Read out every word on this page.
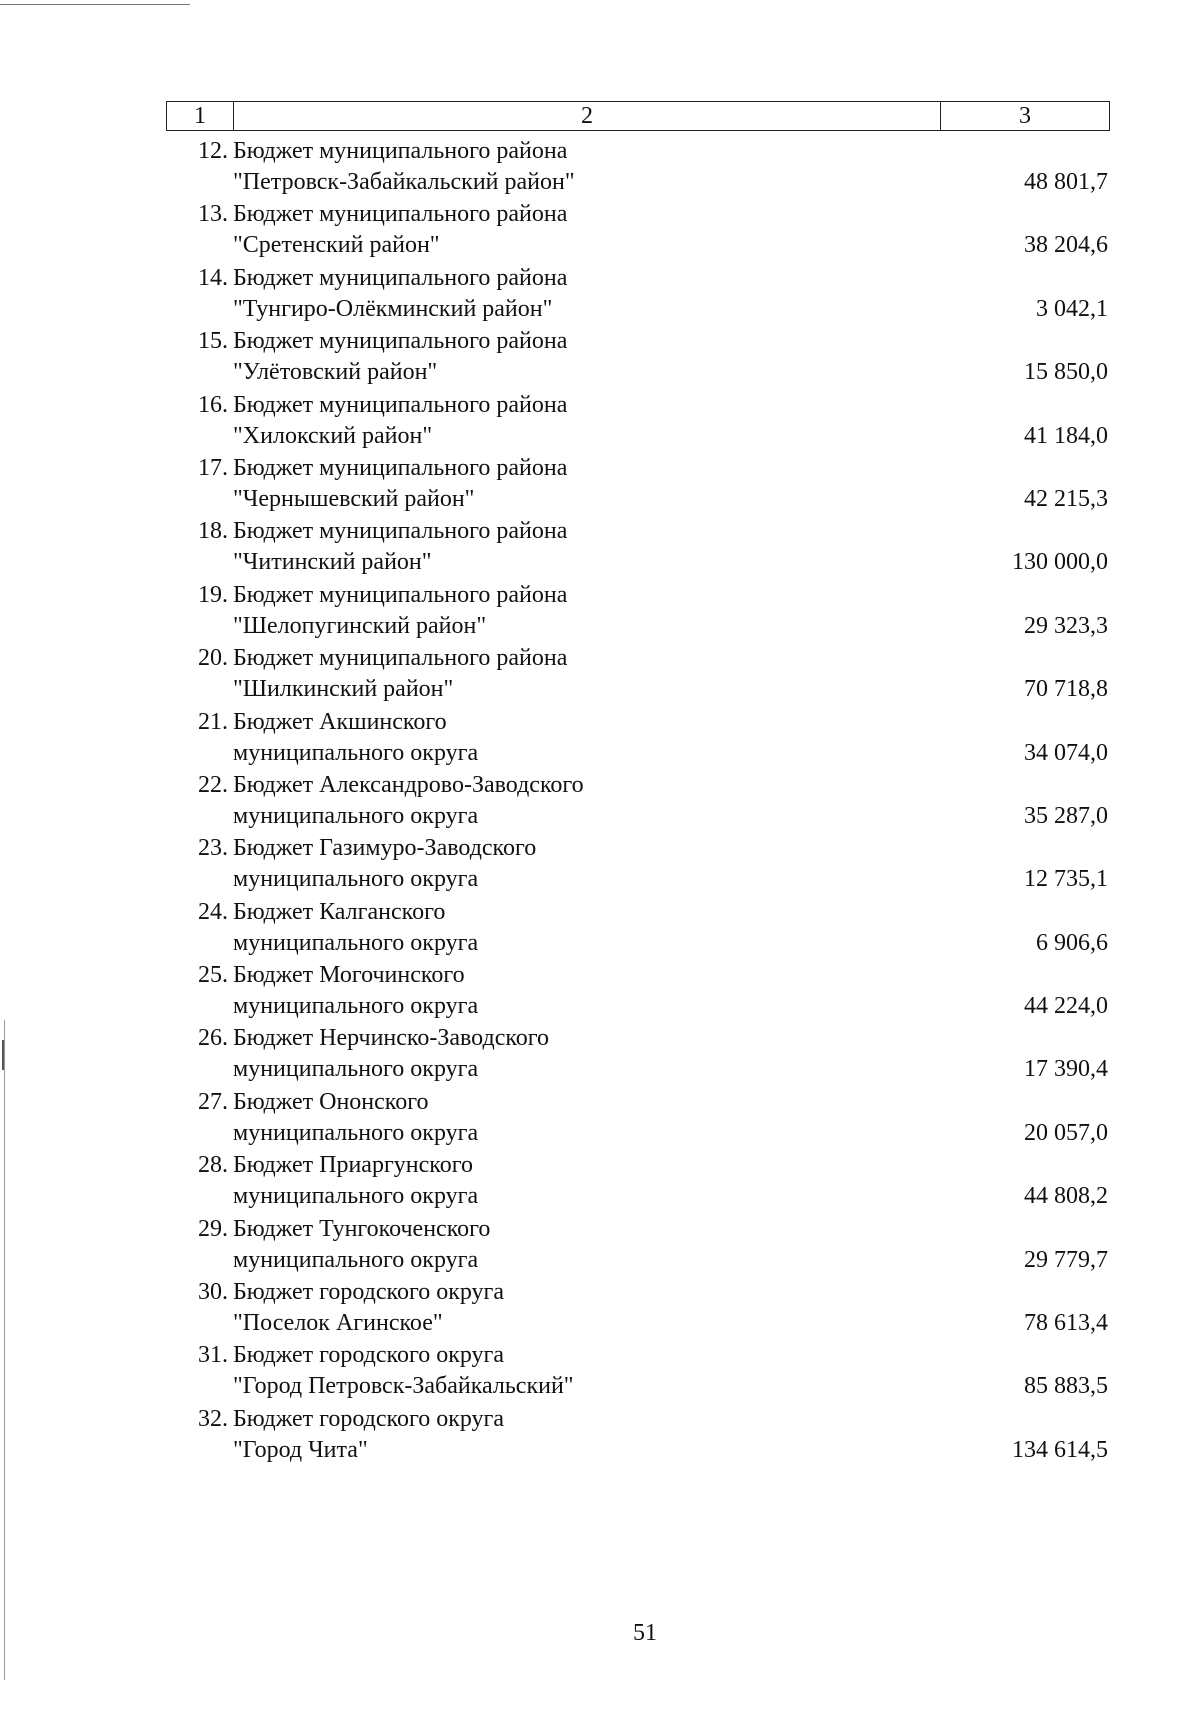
1	2	3
12. Бюджет муниципального района
"Петровск-Забайкальский район"	48 801,7
13. Бюджет муниципального района
"Сретенский район"	38 204,6
14. Бюджет муниципального района
"Тунгиро-Олёкминский район"	3 042,1
15. Бюджет муниципального района
"Улётовский район"	15 850,0
16. Бюджет муниципального района
"Хилокский район"	41 184,0
17. Бюджет муниципального района
"Чернышевский район"	42 215,3
18. Бюджет муниципального района
"Читинский район"	130 000,0
19. Бюджет муниципального района
"Шелопугинский район"	29 323,3
20. Бюджет муниципального района
"Шилкинский район"	70 718,8
21. Бюджет Акшинского
муниципального округа	34 074,0
22. Бюджет Александрово-Заводского
муниципального округа	35 287,0
23. Бюджет Газимуро-Заводского
муниципального округа	12 735,1
24. Бюджет Калганского
муниципального округа	6 906,6
25. Бюджет Могочинского
муниципального округа	44 224,0
26. Бюджет Нерчинско-Заводского
муниципального округа	17 390,4
27. Бюджет Ононского
муниципального округа	20 057,0
28. Бюджет Приаргунского
муниципального округа	44 808,2
29. Бюджет Тунгокоченского
муниципального округа	29 779,7
30. Бюджет городского округа
"Поселок Агинское"	78 613,4
31. Бюджет городского округа
"Город Петровск-Забайкальский"	85 883,5
32. Бюджет городского округа
"Город Чита"	134 614,5
51
